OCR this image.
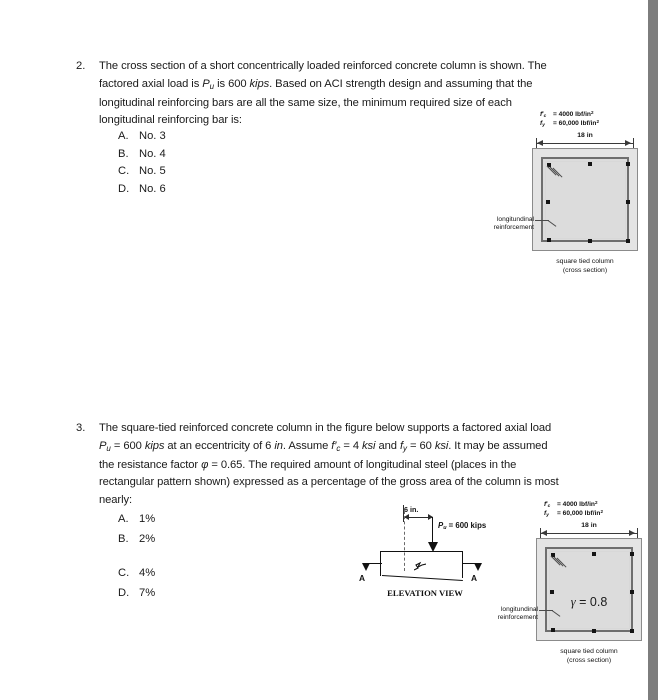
2.	The cross section of a short concentrically loaded reinforced concrete column is shown. The factored axial load is $P_u$ is 600 kips. Based on ACI strength design and assuming that the longitudinal reinforcing bars are all the same size, the minimum required size of each longitudinal reinforcing bar is:
A. No. 3
B. No. 4
C. No. 5
D. No. 6
$f'_c = 4000$ lbf/$in^2$
$f_y = 60,000$ lbf/$in^2$
18 in
longitundinal
reinforcement
square tied column
(cross section)
3.	The square-tied reinforced concrete column in the figure below supports a factored axial load $P_u = 600$ kips at an eccentricity of 6 in. Assume $f'_c = 4$ ksi and $f_y = 60$ ksi. It may be assumed the resistance factor φ = 0.65. The required amount of longitudinal steel (places in the rectangular pattern shown) expressed as a percentage of the gross area of the column is most nearly:
A. 1%
B. 2%
C. 4%
D. 7%
6 in.
$P_u = 600$ kips
A	A
ELEVATION VIEW
$f'_c = 4000$ lbf/$in^2$
$f_y = 60,000$ lbf/$in^2$
18 in
γ = 0.8
longitundinal
reinforcement
square tied column
(cross section)
